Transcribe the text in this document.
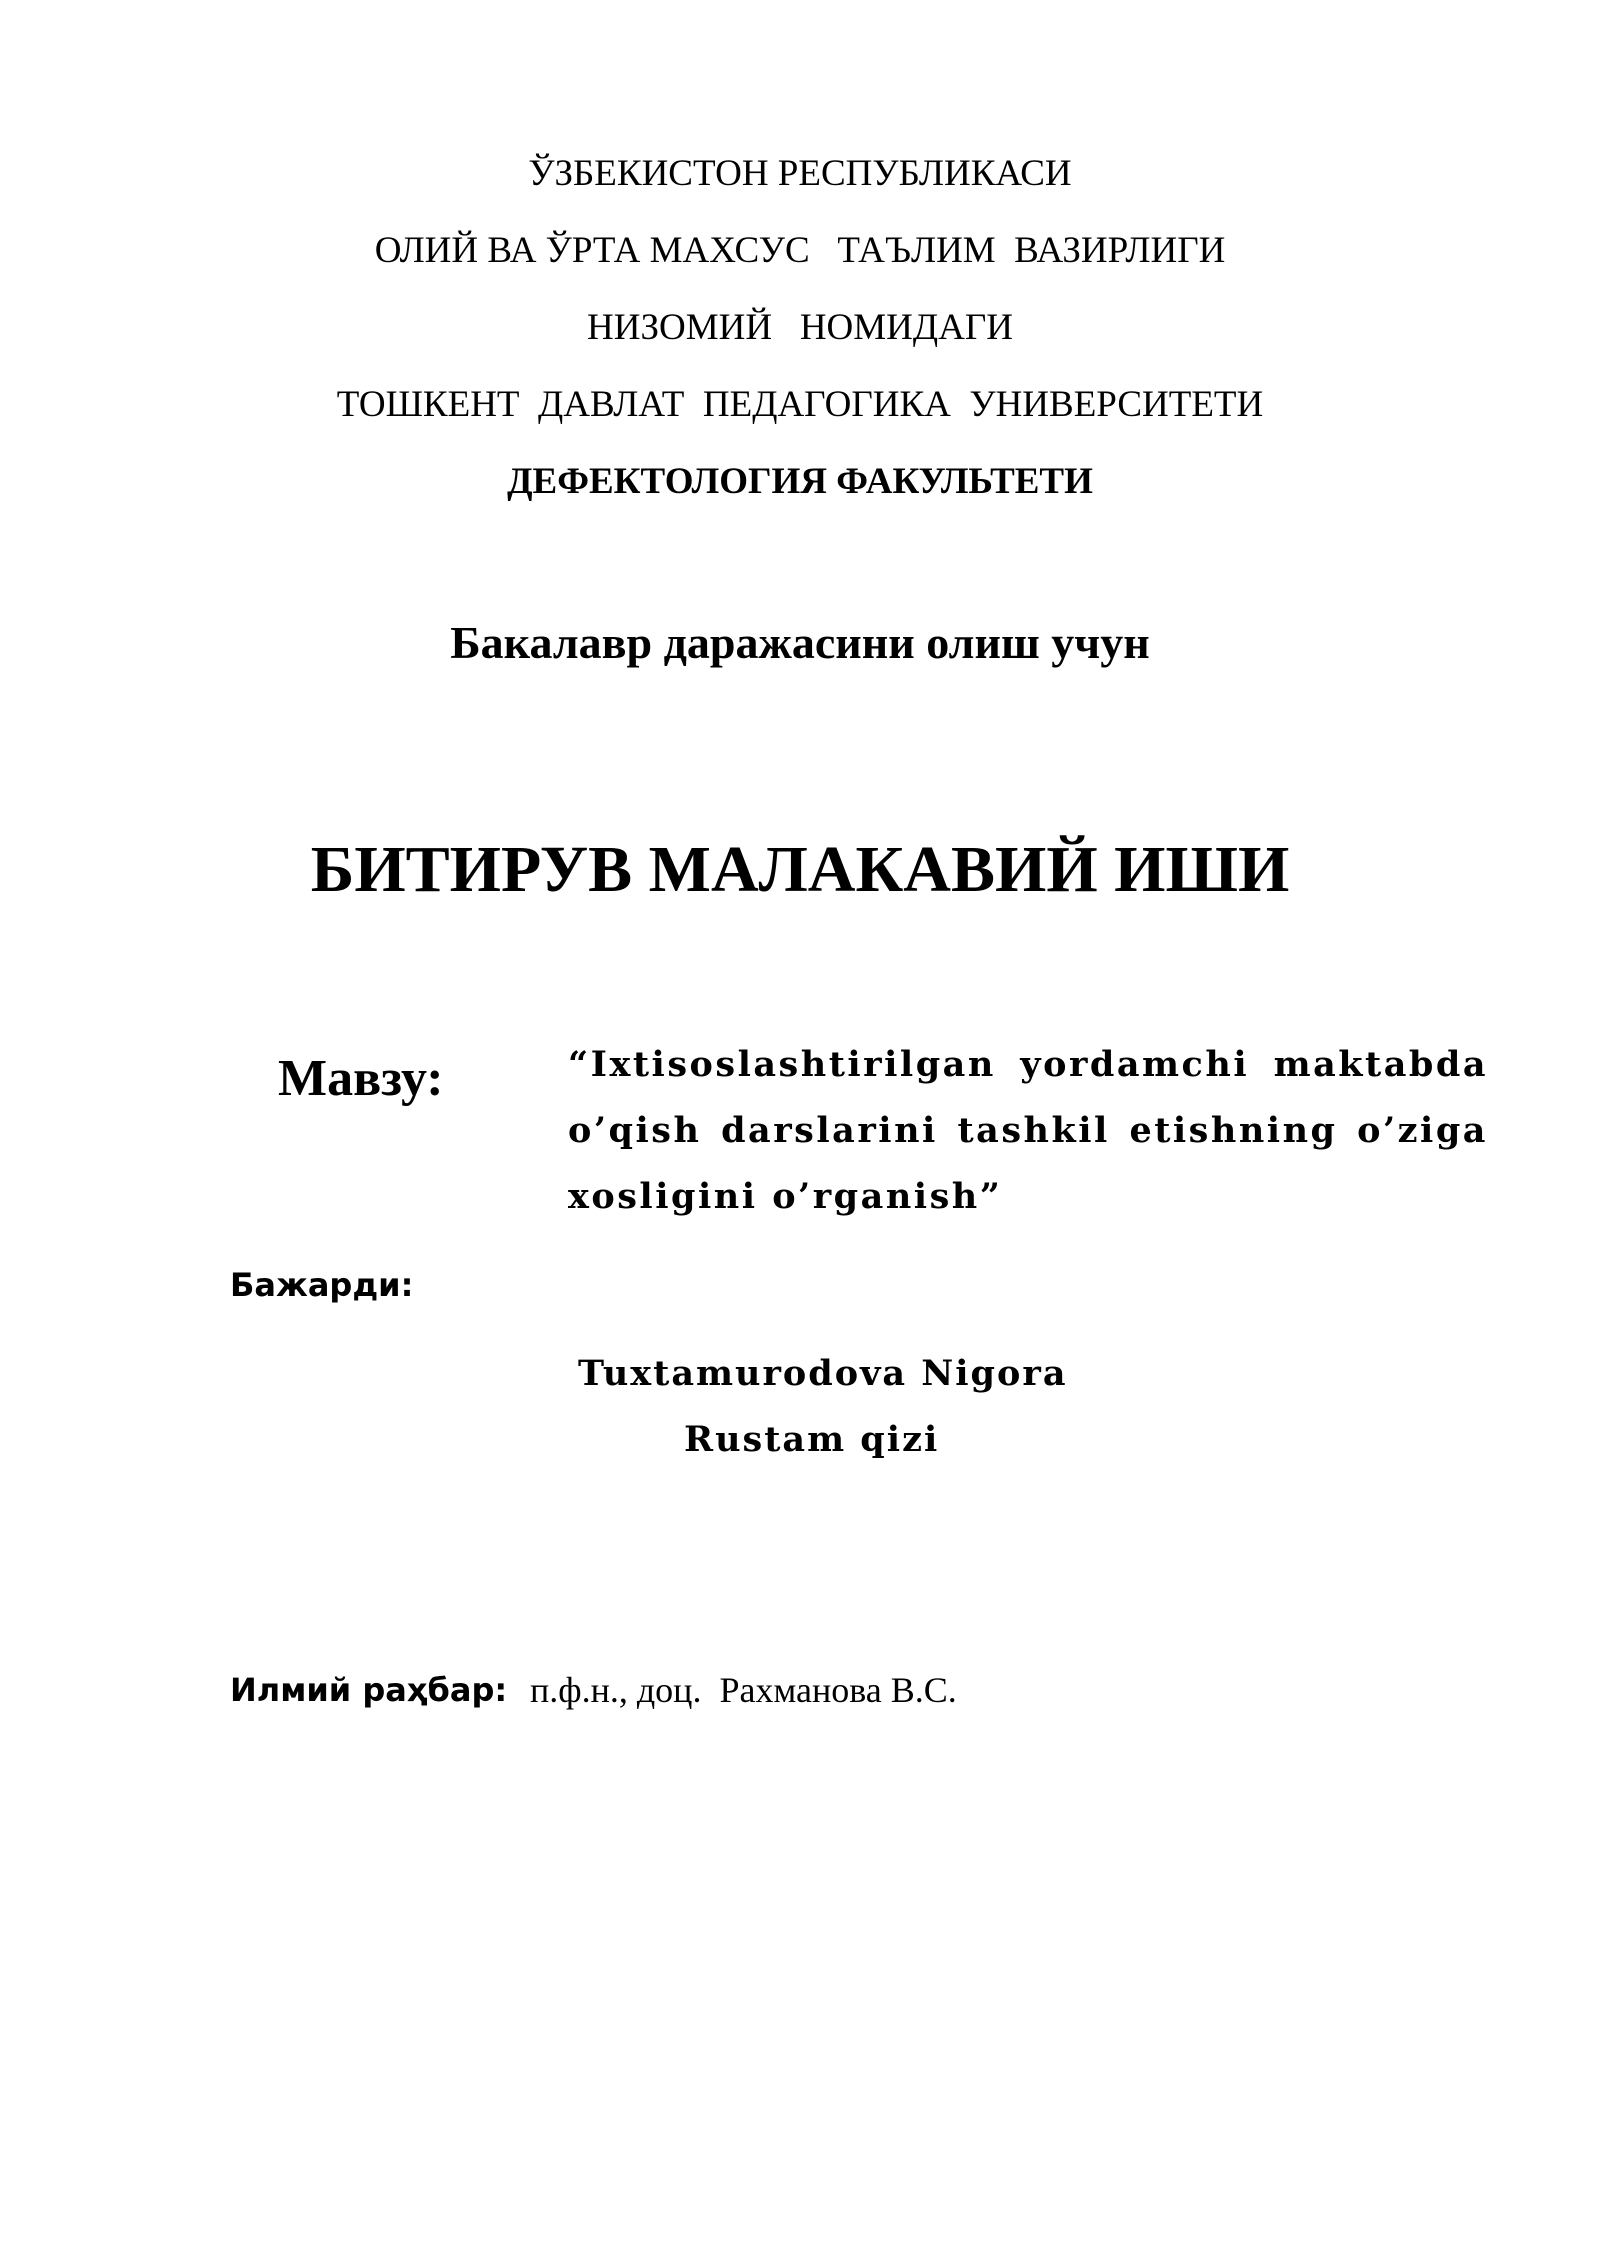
ЎЗБЕКИСТОН РЕСПУБЛИКАСИ
ОЛИЙ ВА ЎРТА МАХСУС   ТАЪЛИМ  ВАЗИРЛИГИ
НИЗОМИЙ   НОМИДАГИ
ТОШКЕНТ  ДАВЛАТ  ПЕДАГОГИКА  УНИВЕРСИТЕТИ
ДЕФЕКТОЛОГИЯ ФАКУЛЬТЕТИ
Бакалавр даражасини олиш учун
БИТИРУВ МАЛАКАВИЙ ИШИ
Мавзу:	“Ixtisoslashtirilgan yordamchi maktabda o’qish darslarini tashkil etishning o’ziga xosligini o’rganish”
Бажарди:
Tuxtamurodova Nigora
Rustam qizi
Илмий раҳбар: п.ф.н., доц.  Рахманова В.С.
